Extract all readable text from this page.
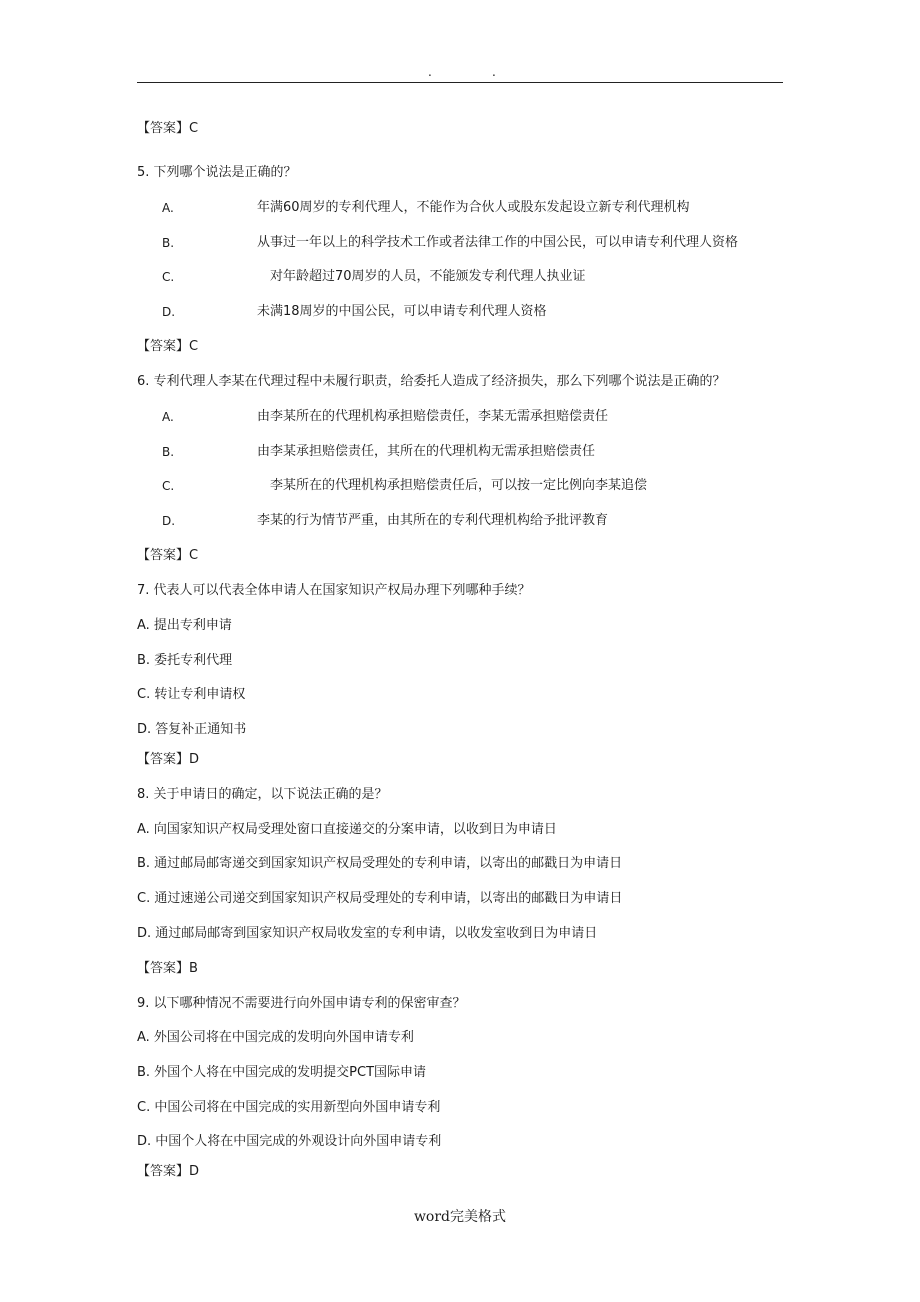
.	.
【答案】C
5. 下列哪个说法是正确的？
A.	年满60周岁的专利代理人，不能作为合伙人或股东发起设立新专利代理机构
B.	从事过一年以上的科学技术工作或者法律工作的中国公民，可以申请专利代理人资格
C.	对年龄超过70周岁的人员，不能颁发专利代理人执业证
D.	未满18周岁的中国公民，可以申请专利代理人资格
【答案】C
6. 专利代理人李某在代理过程中未履行职责，给委托人造成了经济损失，那么下列哪个说法是正确的？
A.	由李某所在的代理机构承担赔偿责任，李某无需承担赔偿责任
B.	由李某承担赔偿责任，其所在的代理机构无需承担赔偿责任
C.	李某所在的代理机构承担赔偿责任后，可以按一定比例向李某追偿
D.	李某的行为情节严重，由其所在的专利代理机构给予批评教育
【答案】C
7. 代表人可以代表全体申请人在国家知识产权局办理下列哪种手续？
A. 提出专利申请
B. 委托专利代理
C. 转让专利申请权
D. 答复补正通知书
【答案】D
8. 关于申请日的确定，以下说法正确的是？
A. 向国家知识产权局受理处窗口直接递交的分案申请，以收到日为申请日
B. 通过邮局邮寄递交到国家知识产权局受理处的专利申请，以寄出的邮戳日为申请日
C. 通过速递公司递交到国家知识产权局受理处的专利申请，以寄出的邮戳日为申请日
D. 通过邮局邮寄到国家知识产权局收发室的专利申请，以收发室收到日为申请日
【答案】B
9. 以下哪种情况不需要进行向外国申请专利的保密审查？
A. 外国公司将在中国完成的发明向外国申请专利
B. 外国个人将在中国完成的发明提交PCT国际申请
C. 中国公司将在中国完成的实用新型向外国申请专利
D. 中国个人将在中国完成的外观设计向外国申请专利
【答案】D
word完美格式
